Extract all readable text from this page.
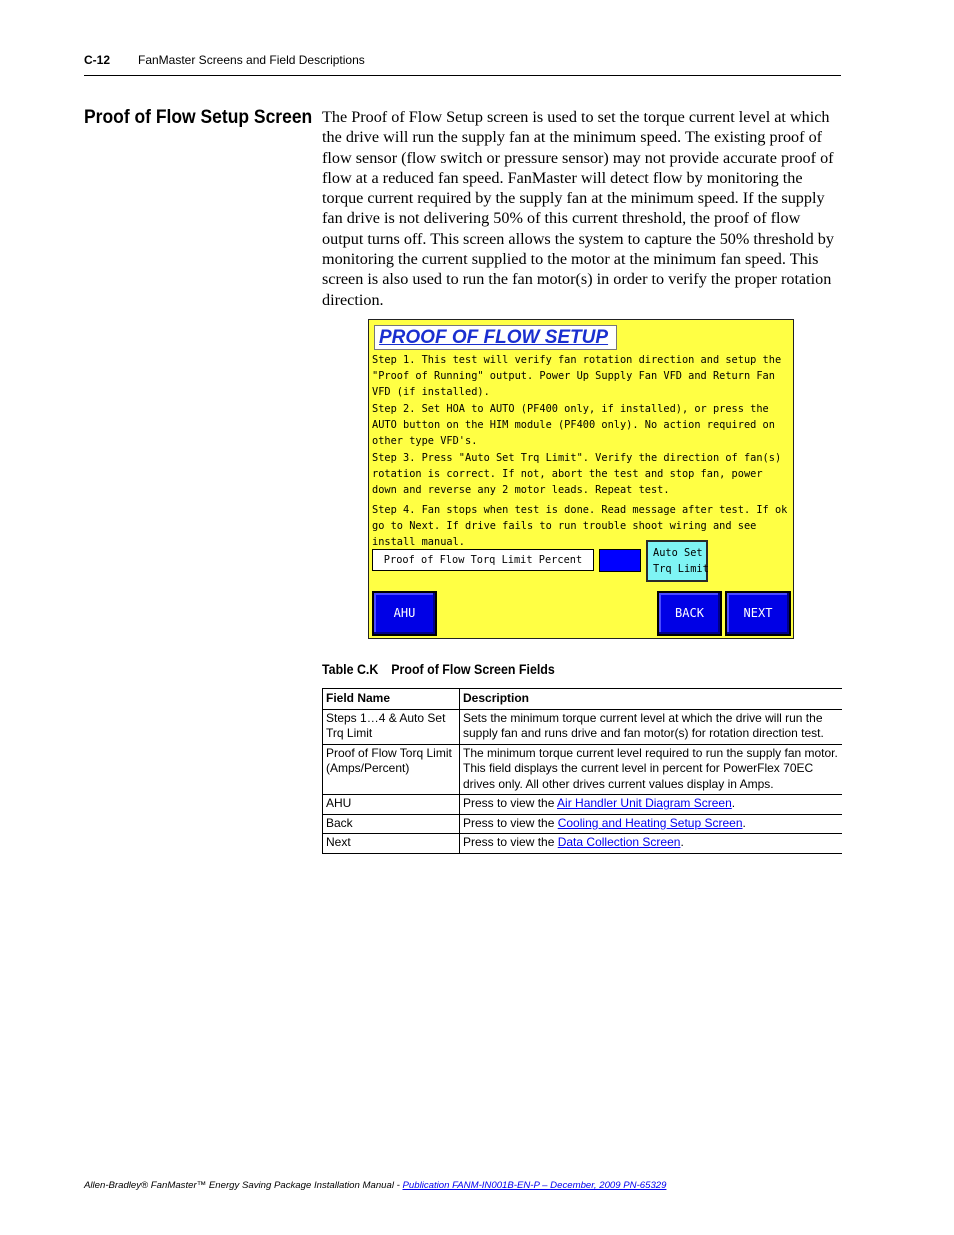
C-12 FanMaster Screens and Field Descriptions
Proof of Flow Setup Screen The Proof of Flow Setup screen is used to set the torque current level at which the drive will run the supply fan at the minimum speed. The existing proof of flow sensor (flow switch or pressure sensor) may not provide accurate proof of flow at a reduced fan speed. FanMaster will detect flow by monitoring the torque current required by the supply fan at the minimum speed. If the supply fan drive is not delivering 50% of this current threshold, the proof of flow output turns off. This screen allows the system to capture the 50% threshold by monitoring the current supplied to the motor at the minimum fan speed. This screen is also used to run the fan motor(s) in order to verify the proper rotation direction.
PROOF OF FLOW SETUP
Step 1. This test will verify fan rotation direction and setup the "Proof of Running" output. Power Up Supply Fan VFD and Return Fan VFD (if installed).
Step 2. Set HOA to AUTO (PF400 only, if installed), or press the AUTO button on the HIM module (PF400 only). No action required on other type VFD's.
Step 3. Press "Auto Set Trq Limit". Verify the direction of fan(s) rotation is correct. If not, abort the test and stop fan, power down and reverse any 2 motor leads. Repeat test.
Step 4. Fan stops when test is done. Read message after test. If ok go to Next. If drive fails to run trouble shoot wiring and see install manual.
Proof of Flow Torq Limit Percent
Auto Set
Trq Limit
AHU	BACK	NEXT
Table C.K Proof of Flow Screen Fields
Field Name	Description
Steps 1…4 & Auto Set Trq Limit	Sets the minimum torque current level at which the drive will run the supply fan and runs drive and fan motor(s) for rotation direction test.
Proof of Flow Torq Limit (Amps/Percent)	The minimum torque current level required to run the supply fan motor. This field displays the current level in percent for PowerFlex 70EC drives only. All other drives current values display in Amps.
AHU	Press to view the Air Handler Unit Diagram Screen.
Back	Press to view the Cooling and Heating Setup Screen.
Next	Press to view the Data Collection Screen.
Allen-Bradley® FanMaster™ Energy Saving Package Installation Manual - Publication FANM-IN001B-EN-P – December, 2009 PN-65329
